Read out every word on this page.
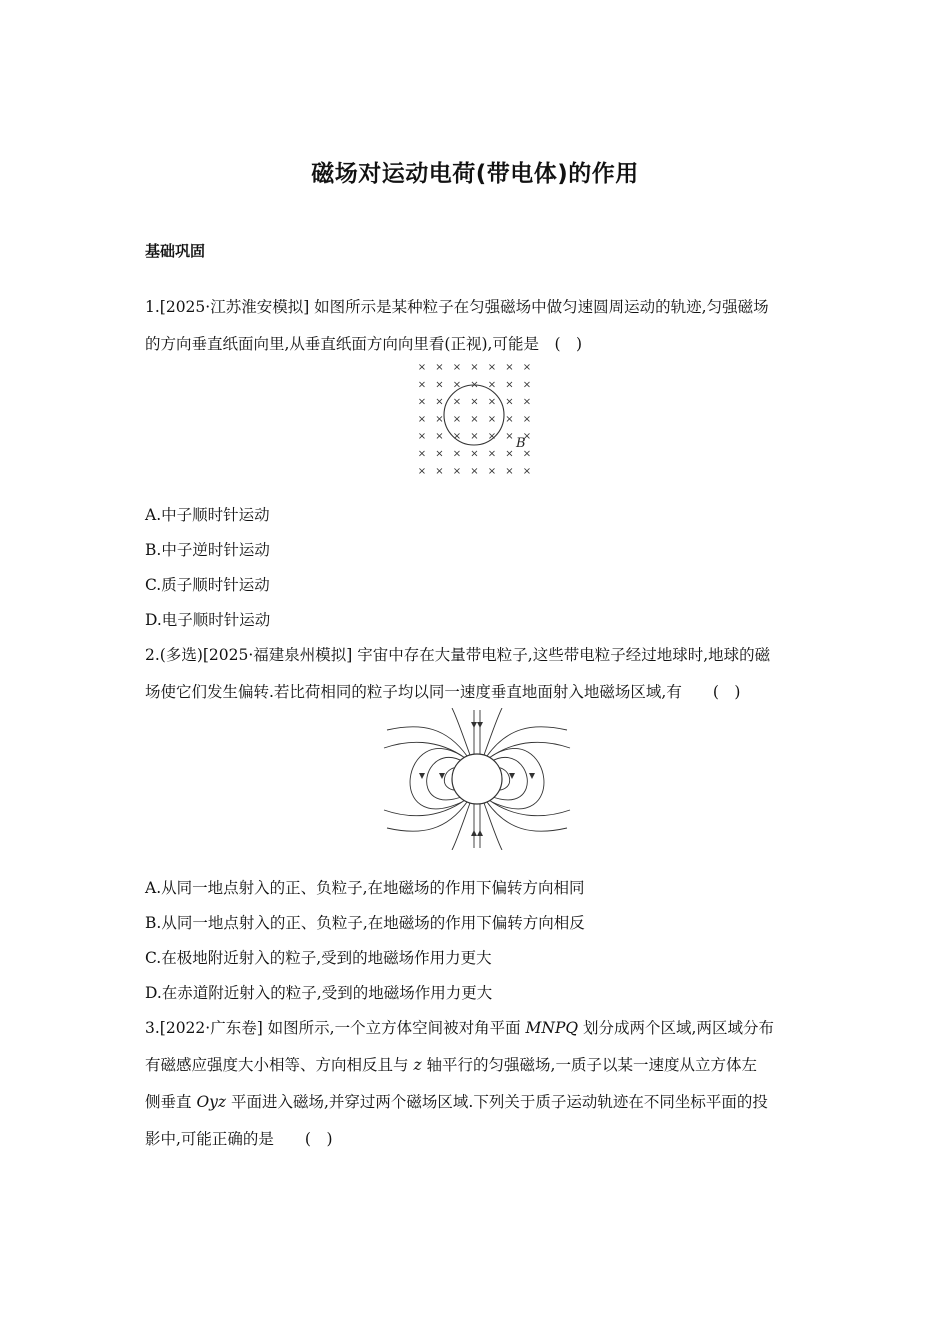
磁场对运动电荷(带电体)的作用
基础巩固
1.[2025·江苏淮安模拟] 如图所示是某种粒子在匀强磁场中做匀速圆周运动的轨迹,匀强磁场
的方向垂直纸面向里,从垂直纸面方向向里看(正视),可能是　(　)
× × × × × × ×
× × × × × × ×
× × × × × × ×
× × × × × × ×
× × × × × × ×
× × × × × × ×
× × × × × × ×
B
A.中子顺时针运动
B.中子逆时针运动
C.质子顺时针运动
D.电子顺时针运动
2.(多选)[2025·福建泉州模拟] 宇宙中存在大量带电粒子,这些带电粒子经过地球时,地球的磁
场使它们发生偏转.若比荷相同的粒子均以同一速度垂直地面射入地磁场区域,有　　(　)
A.从同一地点射入的正、负粒子,在地磁场的作用下偏转方向相同
B.从同一地点射入的正、负粒子,在地磁场的作用下偏转方向相反
C.在极地附近射入的粒子,受到的地磁场作用力更大
D.在赤道附近射入的粒子,受到的地磁场作用力更大
3.[2022·广东卷] 如图所示,一个立方体空间被对角平面 MNPQ 划分成两个区域,两区域分布
有磁感应强度大小相等、方向相反且与 z 轴平行的匀强磁场,一质子以某一速度从立方体左
侧垂直 Oyz 平面进入磁场,并穿过两个磁场区域.下列关于质子运动轨迹在不同坐标平面的投
影中,可能正确的是　　(　)
